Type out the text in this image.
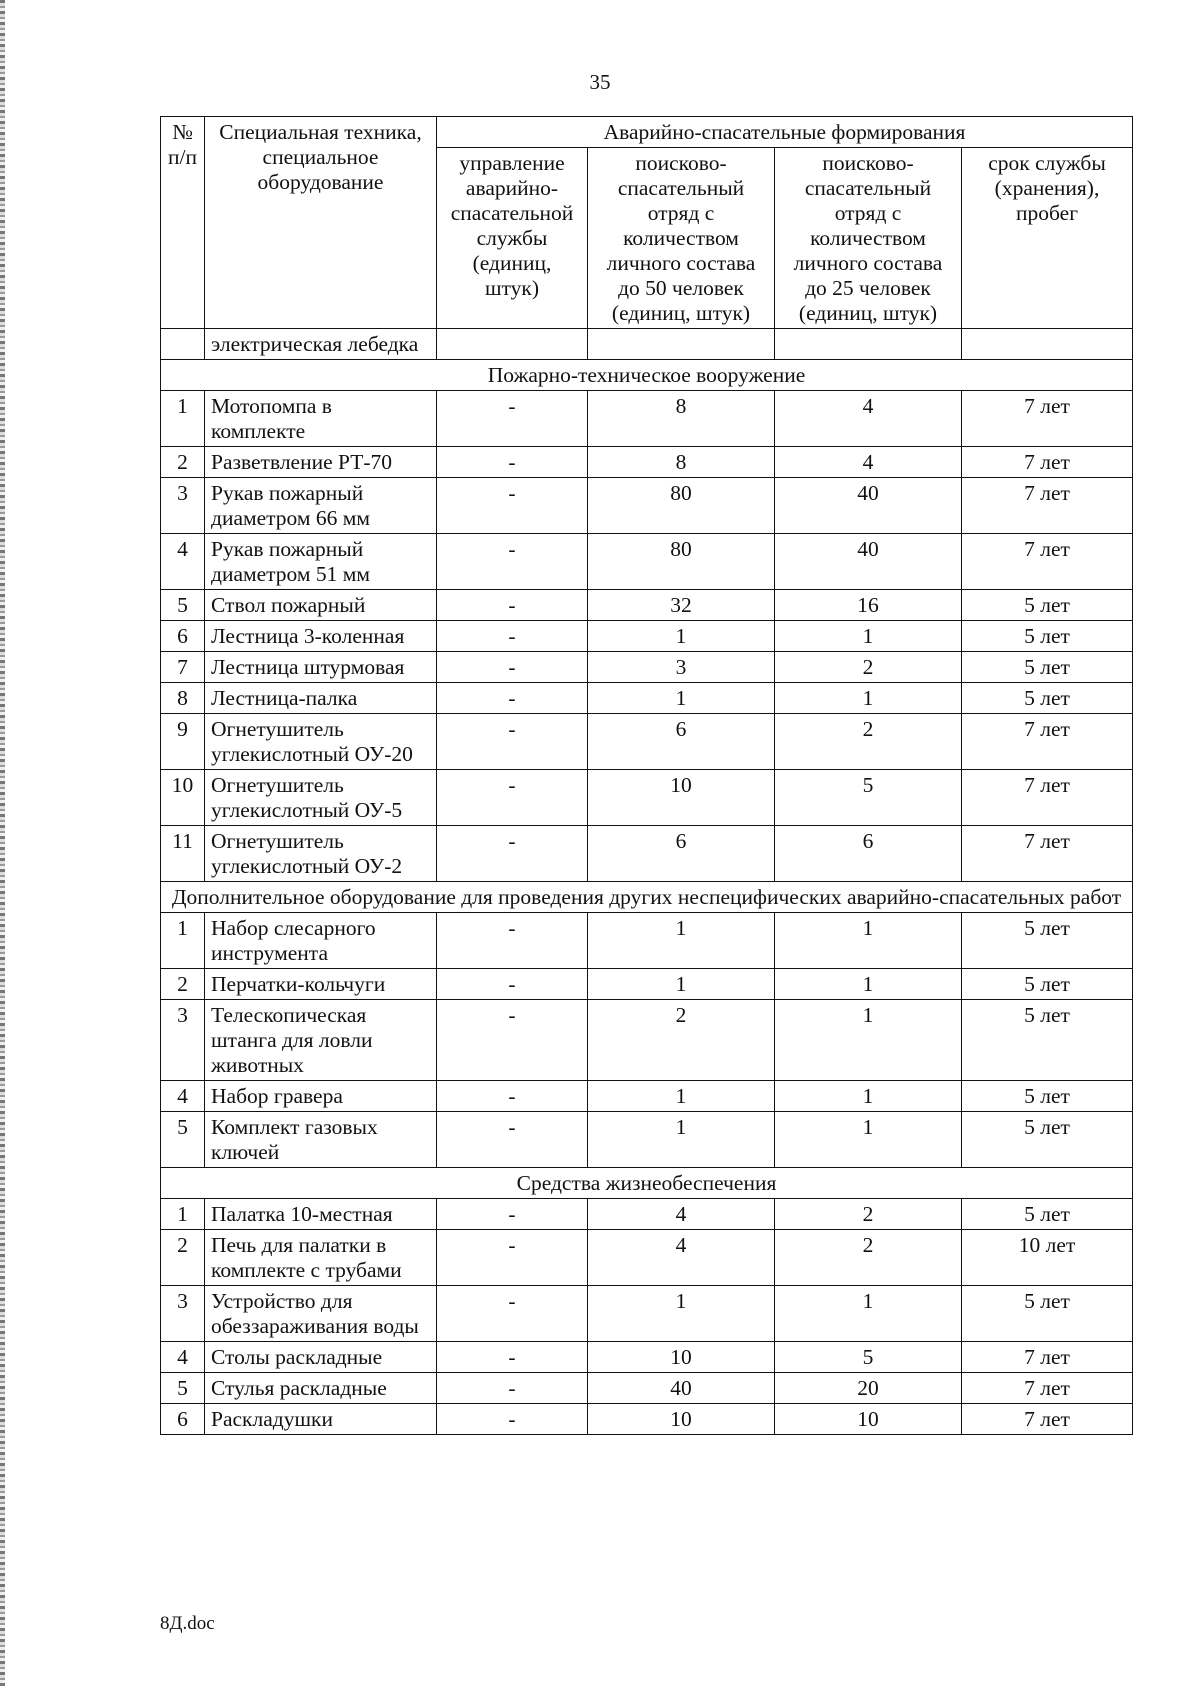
35
№ п/п	Специальная техника, специальное оборудование	Аварийно-спасательные формирования			
		управление аварийно-спасательной службы (единиц, штук)	поисково-спасательный отряд с количеством личного состава до 50 человек (единиц, штук)	поисково-спасательный отряд с количеством личного состава до 25 человек (единиц, штук)	срок службы (хранения), пробег
	электрическая лебедка				
Пожарно-техническое вооружение					
1	Мотопомпа в комплекте	-	8	4	7 лет
2	Разветвление РТ-70	-	8	4	7 лет
3	Рукав пожарный диаметром 66 мм	-	80	40	7 лет
4	Рукав пожарный диаметром 51 мм	-	80	40	7 лет
5	Ствол пожарный	-	32	16	5 лет
6	Лестница 3-коленная	-	1	1	5 лет
7	Лестница штурмовая	-	3	2	5 лет
8	Лестница-палка	-	1	1	5 лет
9	Огнетушитель углекислотный ОУ-20	-	6	2	7 лет
10	Огнетушитель углекислотный ОУ-5	-	10	5	7 лет
11	Огнетушитель углекислотный ОУ-2	-	6	6	7 лет
Дополнительное оборудование для проведения других неспецифических аварийно-спасательных работ					
1	Набор слесарного инструмента	-	1	1	5 лет
2	Перчатки-кольчуги	-	1	1	5 лет
3	Телескопическая штанга для ловли животных	-	2	1	5 лет
4	Набор гравера	-	1	1	5 лет
5	Комплект газовых ключей	-	1	1	5 лет
Средства жизнеобеспечения					
1	Палатка 10-местная	-	4	2	5 лет
2	Печь для палатки в комплекте с трубами	-	4	2	10 лет
3	Устройство для обеззараживания воды	-	1	1	5 лет
4	Столы раскладные	-	10	5	7 лет
5	Стулья раскладные	-	40	20	7 лет
6	Раскладушки	-	10	10	7 лет
8Д.doc
